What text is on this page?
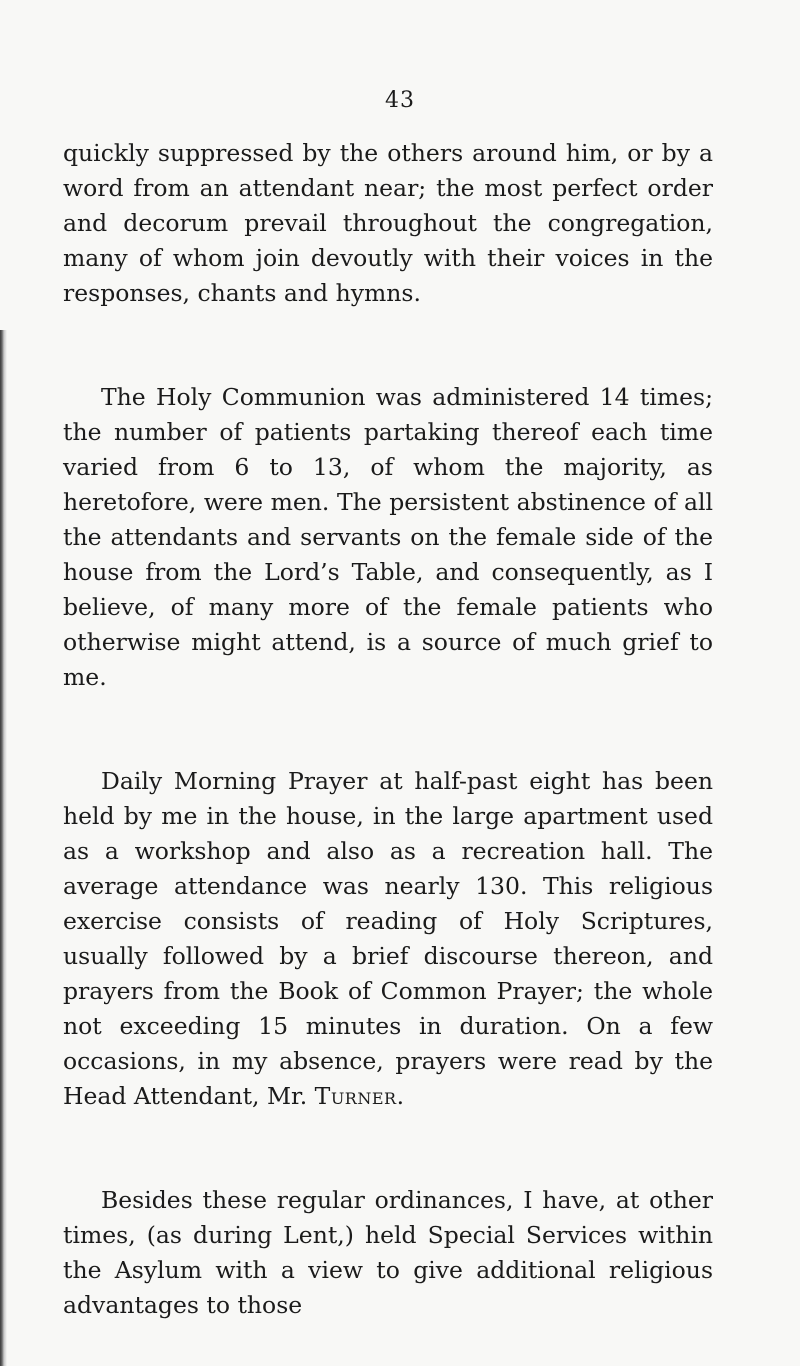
43

quickly suppressed by the others around him, or by a word from an attendant near; the most perfect order and decorum prevail throughout the congregation, many of whom join devoutly with their voices in the responses, chants and hymns.

The Holy Communion was administered 14 times; the number of patients partaking thereof each time varied from 6 to 13, of whom the majority, as heretofore, were men. The persistent abstinence of all the attendants and servants on the female side of the house from the Lord’s Table, and consequently, as I believe, of many more of the female patients who otherwise might attend, is a source of much grief to me.

Daily Morning Prayer at half-past eight has been held by me in the house, in the large apartment used as a workshop and also as a recreation hall. The average attendance was nearly 130. This religious exercise consists of reading of Holy Scriptures, usually followed by a brief discourse thereon, and prayers from the Book of Common Prayer; the whole not exceeding 15 minutes in duration. On a few occasions, in my absence, prayers were read by the Head Attendant, Mr. Turner.

Besides these regular ordinances, I have, at other times, (as during Lent,) held Special Services within the Asylum with a view to give additional religious advantages to those
